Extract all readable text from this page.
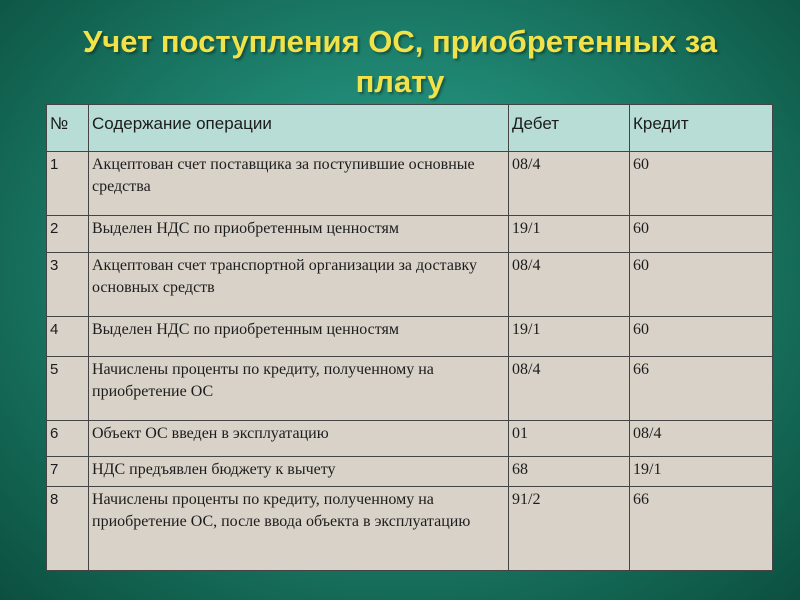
Учет поступления ОС, приобретенных за
плату
№	Содержание операции	Дебет	Кредит
1	Акцептован счет поставщика за поступившие основные средства	08/4	60
2	Выделен НДС по приобретенным ценностям	19/1	60
3	Акцептован счет транспортной организации за доставку основных средств	08/4	60
4	Выделен НДС по приобретенным ценностям	19/1	60
5	Начислены проценты по кредиту, полученному на приобретение ОС	08/4	66
6	Объект ОС введен в эксплуатацию	01	08/4
7	НДС предъявлен бюджету к вычету	68	19/1
8	Начислены проценты по кредиту, полученному на приобретение ОС, после ввода объекта в эксплуатацию	91/2	66
